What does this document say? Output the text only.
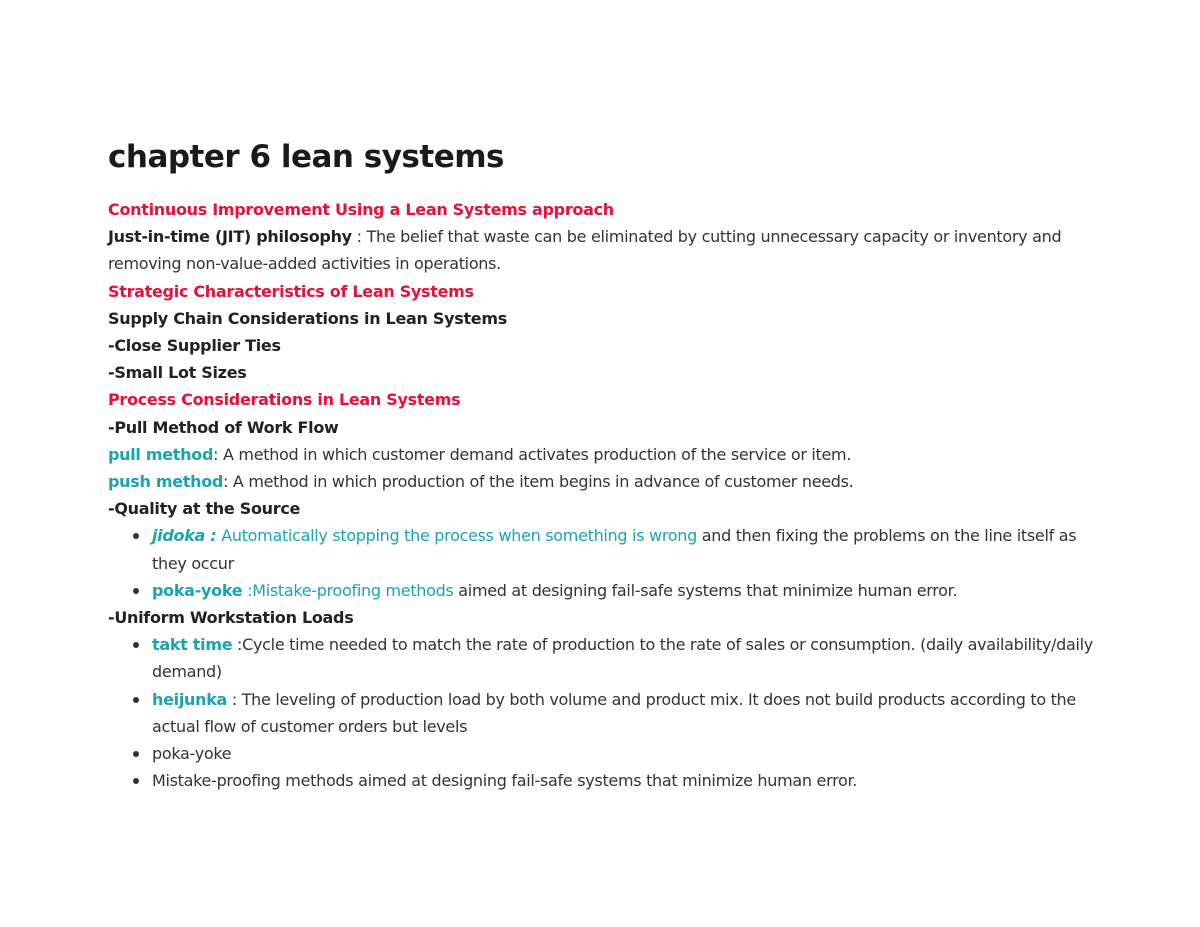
chapter 6 lean systems

Continuous Improvement Using a Lean Systems approach

Just-in-time (JIT) philosophy : The belief that waste can be eliminated by cutting unnecessary capacity or inventory and removing non-value-added activities in operations.

Strategic Characteristics of Lean Systems

Supply Chain Considerations in Lean Systems

-Close Supplier Ties

-Small Lot Sizes

Process Considerations in Lean Systems

-Pull Method of Work Flow

pull method: A method in which customer demand activates production of the service or item.

push method: A method in which production of the item begins in advance of customer needs.

-Quality at the Source

jidoka : Automatically stopping the process when something is wrong and then fixing the problems on the line itself as they occur
poka-yoke :Mistake-proofing methods aimed at designing fail-safe systems that minimize human error.

-Uniform Workstation Loads

takt time :Cycle time needed to match the rate of production to the rate of sales or consumption. (daily availability/daily demand)
heijunka : The leveling of production load by both volume and product mix. It does not build products according to the actual flow of customer orders but levels
poka-yoke
Mistake-proofing methods aimed at designing fail-safe systems that minimize human error.
